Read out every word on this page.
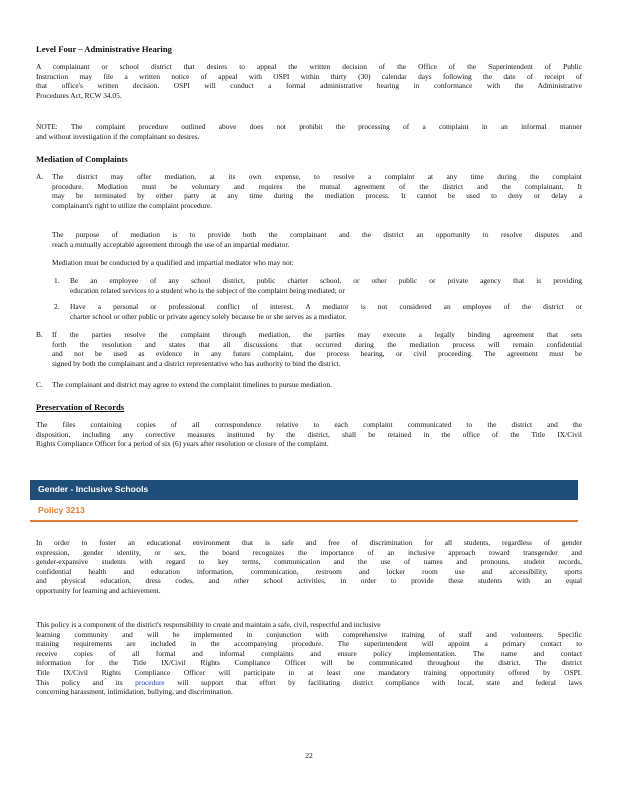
Level Four – Administrative Hearing

A complainant or school district that desires to appeal the written decision of the Office of the Superintendent of Public

Instruction may file a written notice of appeal with OSPI within thirty (30) calendar days following the date of receipt of

that office's written decision. OSPI will conduct a formal administrative hearing in conformance with the Administrative

Procedures Act, RCW 34.05.

NOTE: The complaint procedure outlined above does not prohibit the processing of a complaint in an informal manner

and without investigation if the complainant so desires.

Mediation of Complaints

A. The district may offer mediation, at its own expense, to resolve a complaint at any time during the complaint

procedure. Mediation must be voluntary and requires the mutual agreement of the district and the complainant. It

may be terminated by either party at any time during the mediation process. It cannot be used to deny or delay a

complainant's right to utilize the complaint procedure.

The purpose of mediation is to provide both the complainant and the district an opportunity to resolve disputes and

reach a mutually acceptable agreement through the use of an impartial mediator.

Mediation must be conducted by a qualified and impartial mediator who may not:

1. Be an employee of any school district, public charter school, or other public or private agency that is providing

education related services to a student who is the subject of the complaint being mediated; or

2. Have a personal or professional conflict of interest. A mediator is not considered an employee of the district or

charter school or other public or private agency solely because he or she serves as a mediator.

B. If the parties resolve the complaint through mediation, the parties may execute a legally binding agreement that sets

forth the resolution and states that all discussions that occurred during the mediation process will remain confidential

and not be used as evidence in any future complaint, due process hearing, or civil proceeding. The agreement must be

signed by both the complainant and a district representative who has authority to bind the district.

C. The complainant and district may agree to extend the complaint timelines to pursue mediation.

Preservation of Records

The files containing copies of all correspondence relative to each complaint communicated to the district and the

disposition, including any corrective measures instituted by the district, shall be retained in the office of the Title IX/Civil

Rights Compliance Officer for a period of six (6) years after resolution or closure of the complaint.

Gender - Inclusive Schools
Policy 3213

In order to foster an educational environment that is safe and free of discrimination for all students, regardless of gender

expression, gender identity, or sex, the board recognizes the importance of an inclusive approach toward transgender and

gender-expansive students with regard to key terms, communication and the use of names and pronouns, student records,

confidential health and education information, communication, restroom and locker room use and accessibility, sports

and physical education, dress codes, and other school activities, in order to provide these students with an equal

opportunity for learning and achievement.

This policy is a component of the district's responsibility to create and maintain a safe, civil, respectful and inclusive

learning community and will be implemented in conjunction with comprehensive training of staff and volunteers. Specific

training requirements are included in the accompanying procedure. The superintendent will appoint a primary contact to

receive copies of all formal and informal complaints and ensure policy implementation. The name and contact

information for the Title IX/Civil Rights Compliance Officer will be communicated throughout the district. The district

Title IX/Civil Rights Compliance Officer will participate in at least one mandatory training opportunity offered by OSPI.

This policy and its procedure will support that effort by facilitating district compliance with local, state and federal laws

concerning harassment, intimidation, bullying, and discrimination.

22
